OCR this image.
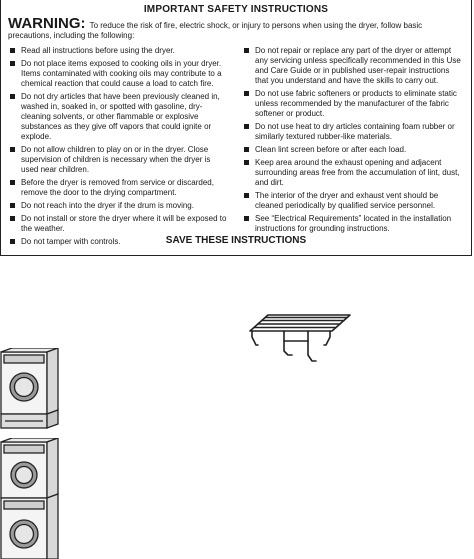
IMPORTANT SAFETY INSTRUCTIONS
WARNING: To reduce the risk of fire, electric shock, or injury to persons when using the dryer, follow basic precautions, including the following:
Read all instructions before using the dryer.
Do not place items exposed to cooking oils in your dryer. Items contaminated with cooking oils may contribute to a chemical reaction that could cause a load to catch fire.
Do not dry articles that have been previously cleaned in, washed in, soaked in, or spotted with gasoline, dry-cleaning solvents, or other flammable or explosive substances as they give off vapors that could ignite or explode.
Do not allow children to play on or in the dryer. Close supervision of children is necessary when the dryer is used near children.
Before the dryer is removed from service or discarded, remove the door to the drying compartment.
Do not reach into the dryer if the drum is moving.
Do not install or store the dryer where it will be exposed to the weather.
Do not tamper with controls.
Do not repair or replace any part of the dryer or attempt any servicing unless specifically recommended in this Use and Care Guide or in published user-repair instructions that you understand and have the skills to carry out.
Do not use fabric softeners or products to eliminate static unless recommended by the manufacturer of the fabric softener or product.
Do not use heat to dry articles containing foam rubber or similarly textured rubber-like materials.
Clean lint screen before or after each load.
Keep area around the exhaust opening and adjacent surrounding areas free from the accumulation of lint, dust, and dirt.
The interior of the dryer and exhaust vent should be cleaned periodically by qualified service personnel.
See “Electrical Requirements” located in the installation instructions for grounding instructions.
SAVE THESE INSTRUCTIONS
